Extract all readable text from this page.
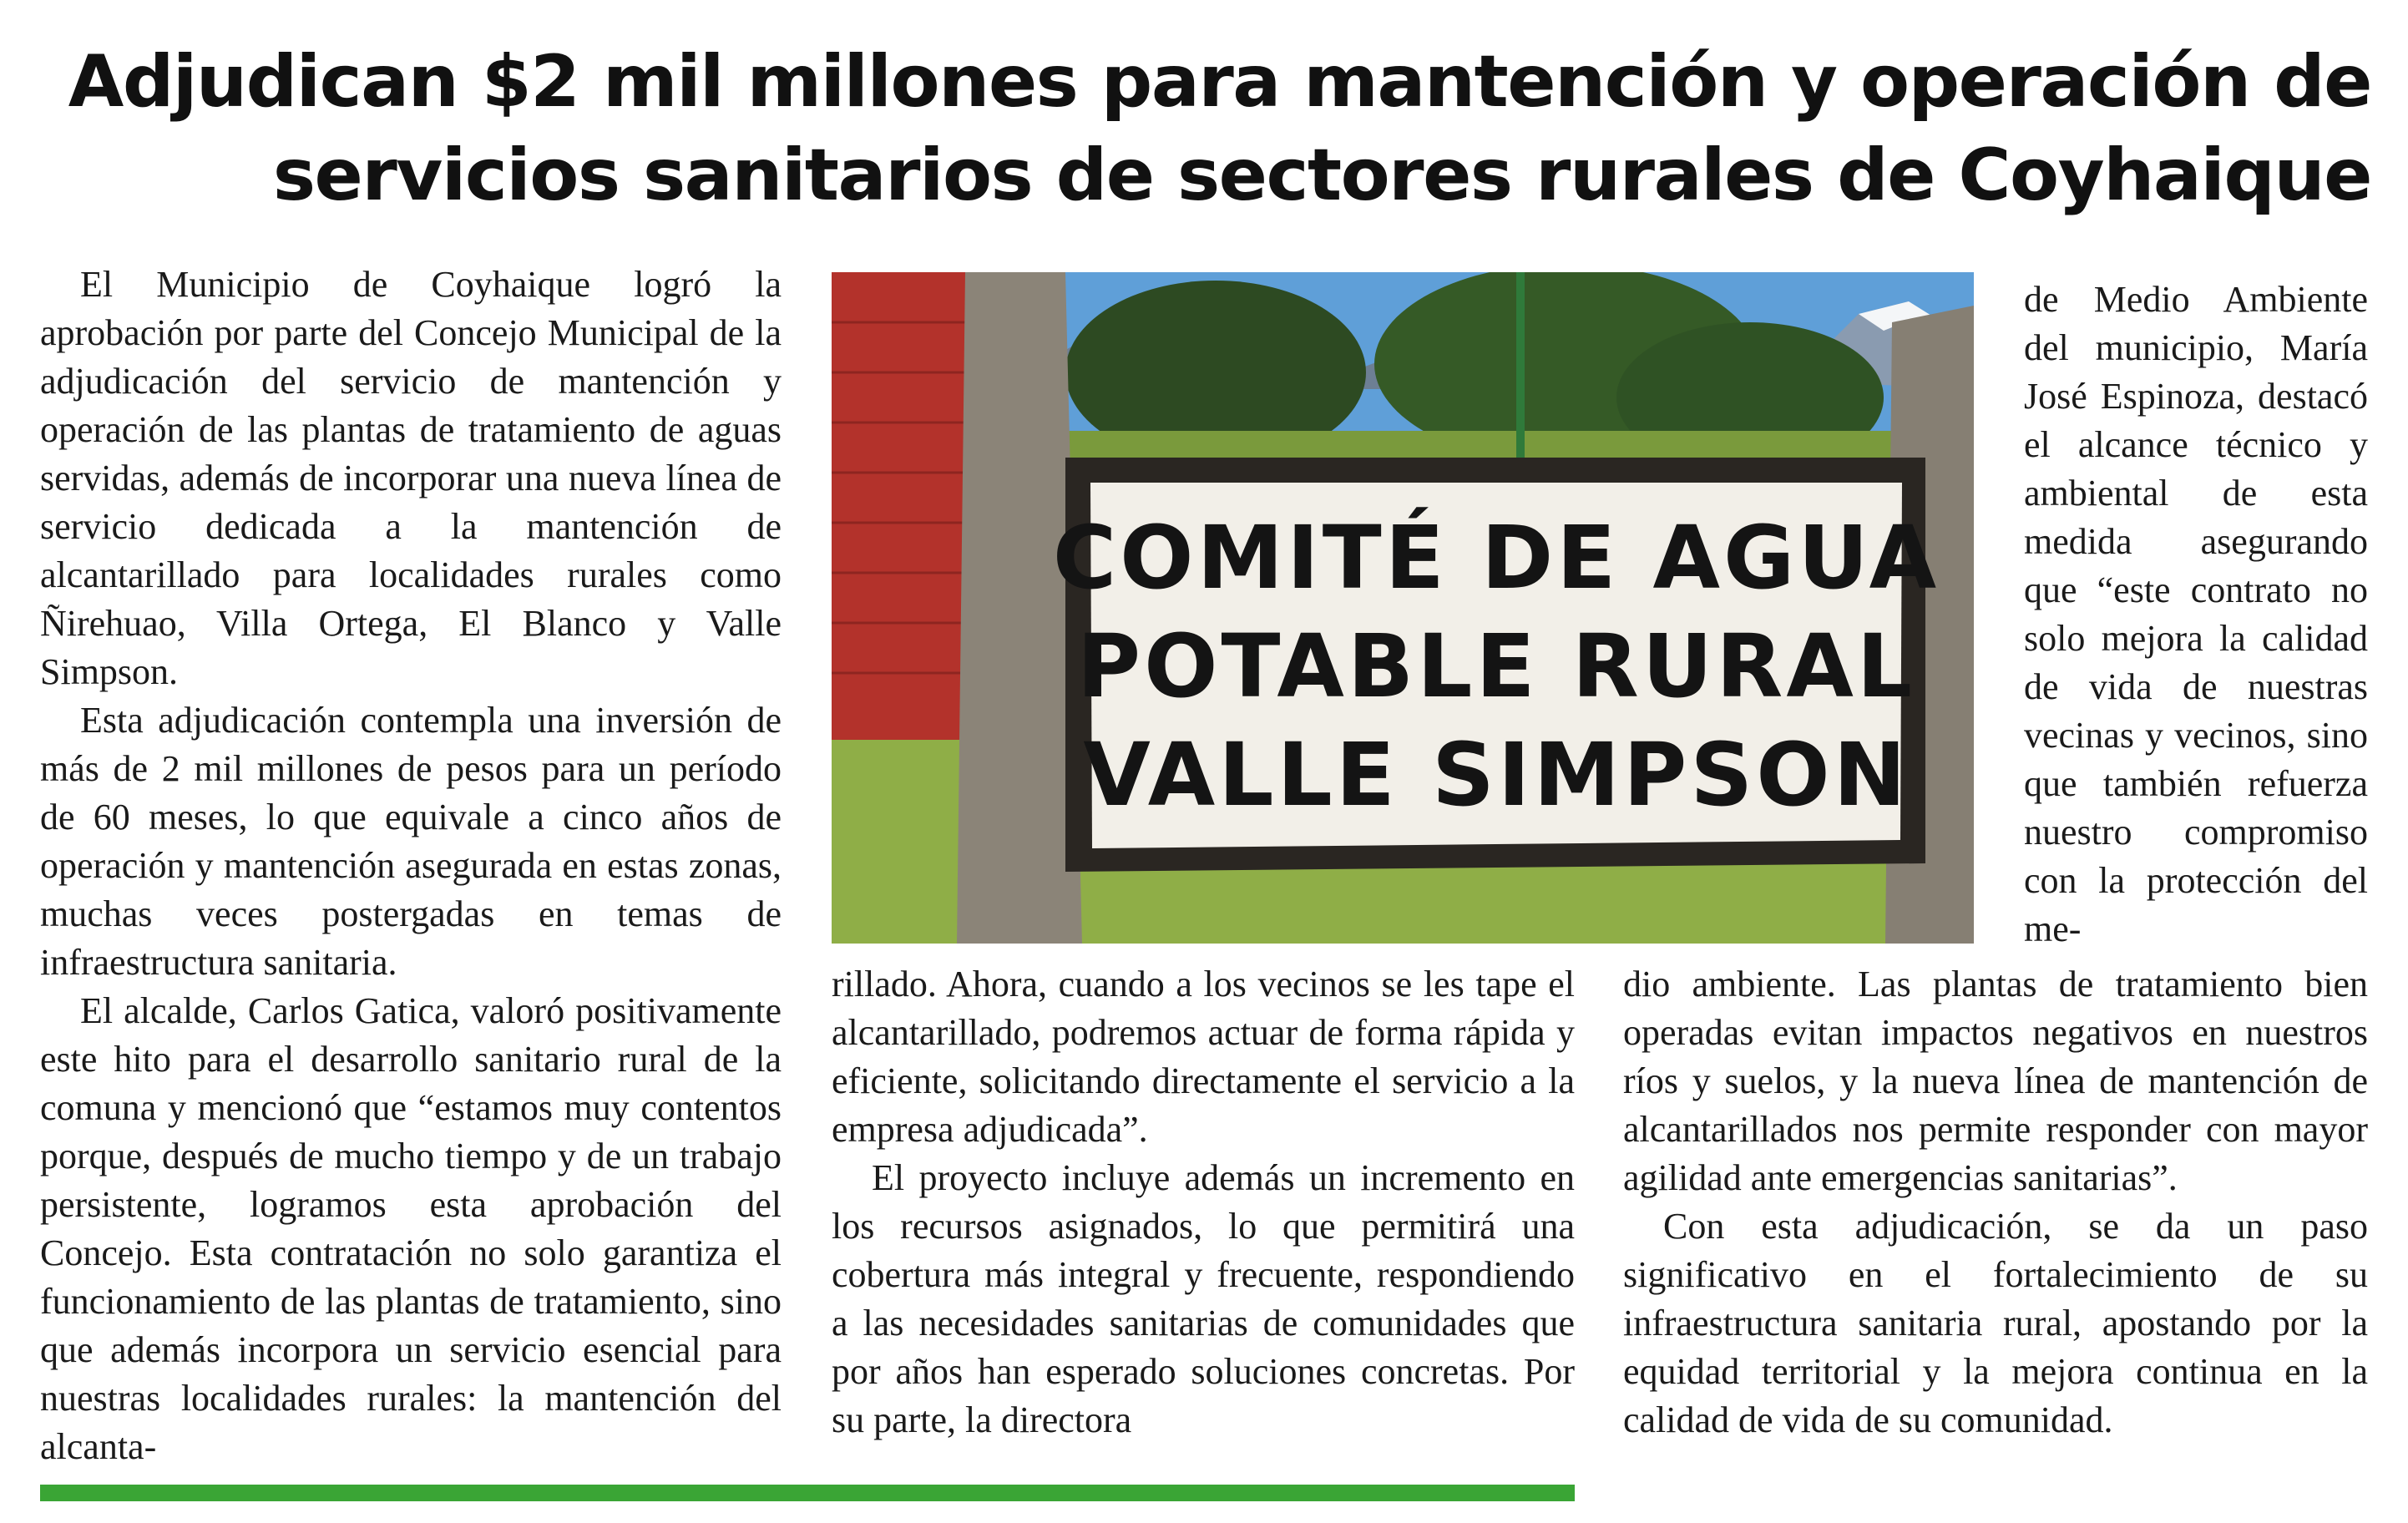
Adjudican $2 mil millones para mantención y operación de
servicios sanitarios de sectores rurales de Coyhaique

El Municipio de Coyhaique logró la aprobación por parte del Concejo Municipal de la adjudicación del servicio de mantención y operación de las plantas de tratamiento de aguas servidas, además de incorporar una nueva línea de servicio dedicada a la mantención de alcantarillado para localidades rurales como Ñirehuao, Villa Ortega, El Blanco y Valle Simpson.

Esta adjudicación contempla una inversión de más de 2 mil millones de pesos para un período de 60 meses, lo que equivale a cinco años de operación y mantención asegurada en estas zonas, muchas veces postergadas en temas de infraestructura sanitaria.

El alcalde, Carlos Gatica, valoró positivamente este hito para el desarrollo sanitario rural de la comuna y mencionó que “estamos muy contentos porque, después de mucho tiempo y de un trabajo persistente, logramos esta aprobación del Concejo. Esta contratación no solo garantiza el funcionamiento de las plantas de tratamiento, sino que además incorpora un servicio esencial para nuestras localidades rurales: la mantención del alcanta-

COMITÉ DE AGUA
POTABLE RURAL
VALLE SIMPSON

de Medio Ambiente del municipio, María José Espinoza, destacó el alcance técnico y ambiental de esta medida asegurando que “este contrato no solo mejora la calidad de vida de nuestras vecinas y vecinos, sino que también refuerza nuestro compromiso con la protección del me-

rillado. Ahora, cuando a los vecinos se les tape el alcantarillado, podremos actuar de forma rápida y eficiente, solicitando directamente el servicio a la empresa adjudicada”.

El proyecto incluye además un incremento en los recursos asignados, lo que permitirá una cobertura más integral y frecuente, respondiendo a las necesidades sanitarias de comunidades que por años han esperado soluciones concretas. Por su parte, la directora

dio ambiente. Las plantas de tratamiento bien operadas evitan impactos negativos en nuestros ríos y suelos, y la nueva línea de mantención de alcantarillados nos permite responder con mayor agilidad ante emergencias sanitarias”.

Con esta adjudicación, se da un paso significativo en el fortalecimiento de su infraestructura sanitaria rural, apostando por la equidad territorial y la mejora continua en la calidad de vida de su comunidad.
